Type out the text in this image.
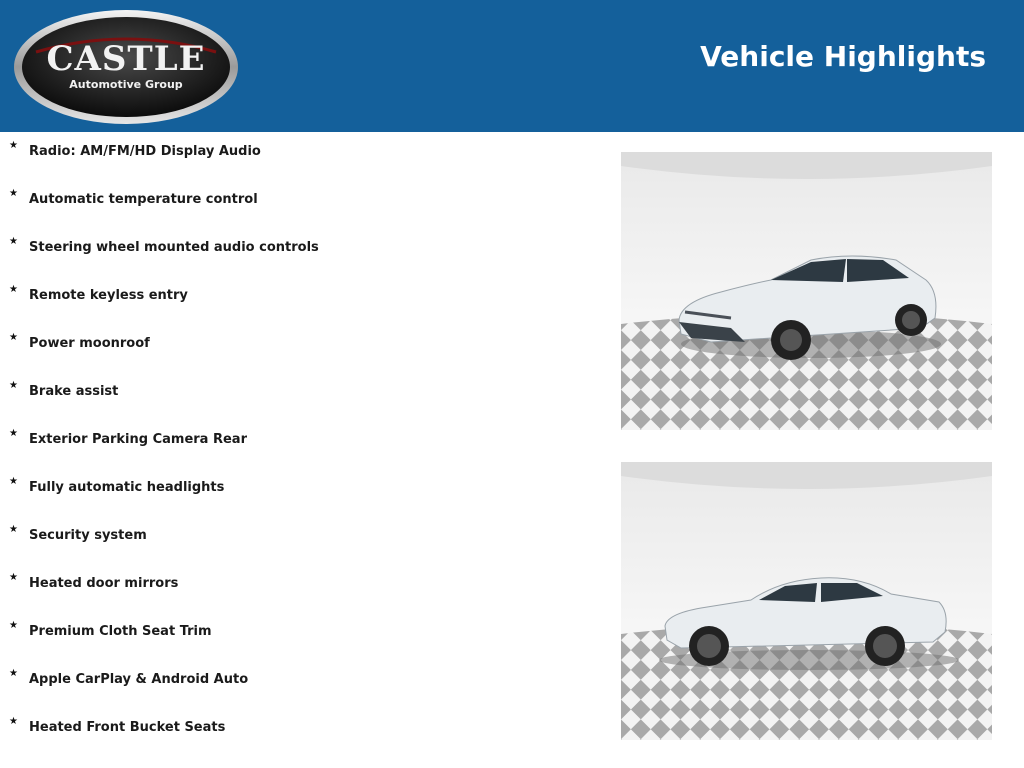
CASTLE
Automotive Group
Vehicle Highlights
★ Radio: AM/FM/HD Display Audio
★ Automatic temperature control
★ Steering wheel mounted audio controls
★ Remote keyless entry
★ Power moonroof
★ Brake assist
★ Exterior Parking Camera Rear
★ Fully automatic headlights
★ Security system
★ Heated door mirrors
★ Premium Cloth Seat Trim
★ Apple CarPlay & Android Auto
★ Heated Front Bucket Seats
